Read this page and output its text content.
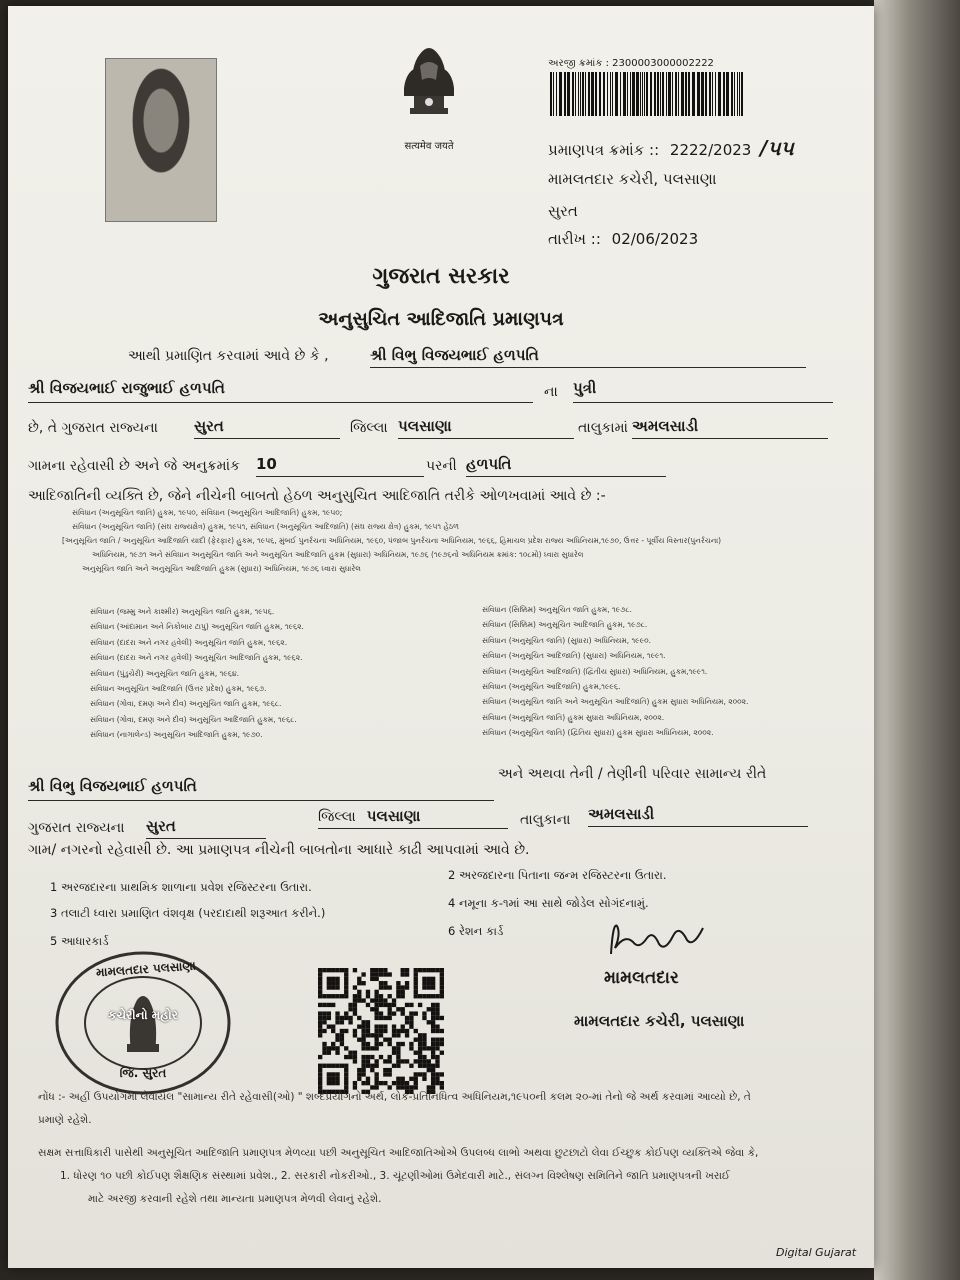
सत्यमेव जयते
અરજી ક્રમાંક : 2300003000002222
પ્રમાણપત્ર ક્રમાંક :: 2222/2023 /૫૫
મામલતદાર કચેરી, પલસાણા
સુરત
તારીખ :: 02/06/2023
ગુજરાત સરકાર
અનુસુચિત આદિજાતિ પ્રમાણપત્ર
આથી પ્રમાણિત કરવામાં આવે છે કે ,	શ્રી વિભુ વિજયભાઈ હળપતિ
શ્રી વિજયભાઈ રાજુભાઈ હળપતિ	ના પુત્રી
છે, તે ગુજરાત રાજ્યના સુરત	જિલ્લા પલસાણા	તાલુકામાં અમલસાડી
ગામના રહેવાસી છે અને જે અનુક્રમાંક 10	પરની હળપતિ
આદિજાતિની વ્યક્તિ છે, જેને નીચેની બાબતો હેઠળ અનુસુચિત આદિજાતિ તરીકે ઓળખવામાં આવે છે :-
સંવિધાન (અનુસૂચિત જાતિ) હુકમ, ૧૯૫૦, સંવિધાન (અનુસૂચિત આદિજાતિ) હુકમ, ૧૯૫૦;
સંવિધાન (અનુસૂચિત જાતિ) (સંઘ રાજ્યક્ષેત્ર) હુકમ, ૧૯૫૧, સંવિધાન (અનુસૂચિત આદિજાતિ) (સંઘ રાજ્ય ક્ષેત્ર) હુકમ, ૧૯૫૧ હેઠળ
[અનુસૂચિત જાતિ / અનુસૂચિત આદિજાતિ યાદી (ફેરફાર) હુકમ, ૧૯૫૬, મુંબઈ પુનર્રચના અધિનિયમ, ૧૯૬૦, પંજાબ પુનર્રચના અધિનિયમ, ૧૯૬૬, હિમાચલ પ્રદેશ રાજ્ય અધિનિયમ,૧૯૭૦, ઉત્તર - પૂર્વીય વિસ્તાર(પુનર્રચના)
અધિનિયમ, ૧૯૭૧ અને સંવિધાન અનુસૂચિત જાતિ અને અનુસૂચિત આદિજાતિ હુકમ (સુધારા) અધિનિયમ, ૧૯૭૬ (૧૯૭૬નો અધિનિયમ ક્રમાંક: ૧૦૮મો) ધ્વારા સુધારેલ
અનુસૂચિત જાતિ અને અનુસૂચિત આદિજાતિ હુકમ (સુધારા) અધિનિયમ, ૧૯૭૬ ધ્વારા સુધારેલ
સંવિધાન (જમ્મુ અને કાશ્મીર) અનુસૂચિત જાતિ હુકમ, ૧૯૫૬.
સંવિધાન (આંદામાન અને નિકોબાર ટાપુ) અનુસૂચિત જાતિ હુકમ, ૧૯૬૨.
સંવિધાન (દાદરા અને નગર હવેલી) અનુસૂચિત જાતિ હુકમ, ૧૯૬૨.
સંવિધાન (દાદરા અને નગર હવેલી) અનુસૂચિત આદિજાતિ હુકમ, ૧૯૬૨.
સંવિધાન (પુંડુચેરી) અનુસૂચિત જાતિ હુકમ, ૧૯૬૪.
સંવિધાન અનુસૂચિત આદિજાતિ (ઉત્તર પ્રદેશ) હુકમ, ૧૯૬૭.
સંવિધાન (ગોવા, દમણ અને દીવ) અનુસૂચિત જાતિ હુકમ, ૧૯૬૮.
સંવિધાન (ગોવા, દમણ અને દીવ) અનુસૂચિત આદિજાતિ હુકમ, ૧૯૬૮.
સંવિધાન (નાગાલેન્ડ) અનુસૂચિત આદિજાતિ હુકમ, ૧૯૭૦.
સંવિધાન (સિક્કિમ) અનુસૂચિત જાતિ હુકમ, ૧૯૭૮.
સંવિધાન (સિક્કિમ) અનુસૂચિત આદિજાતિ હુકમ, ૧૯૭૮.
સંવિધાન (અનુસૂચિત જાતિ) (સુધારા) અધિનિયમ, ૧૯૯૦.
સંવિધાન (અનુસૂચિત આદિજાતિ) (સુધારા) અધિનિયમ, ૧૯૯૧.
સંવિધાન (અનુસૂચિત આદિજાતિ) (દ્વિતીય સુધારા) અધિનિયમ, હુકમ,૧૯૯૧.
સંવિધાન (અનુસૂચિત આદિજાતિ) હુકમ,૧૯૯૬.
સંવિધાન (અનુસૂચિત જાતિ અને અનુસૂચિત આદિજાતિ) હુકમ સુધારા અધિનિયમ, ૨૦૦૨.
સંવિધાન (અનુસૂચિત જાતિ) હુકમ સુધારા અધિનિયમ, ૨૦૦૨.
સંવિધાન (અનુસૂચિત જાતિ) (દ્વિતિય સુધારા) હુકમ સુધારા અધિનિયમ, ૨૦૦૨.
શ્રી વિભુ વિજયભાઈ હળપતિ
અને અથવા તેની / તેણીની પરિવાર સામાન્ય રીતે
ગુજરાત રાજ્યના સુરત	જિલ્લા પલસાણા	તાલુકાના અમલસાડી
ગામ/ નગરનો રહેવાસી છે. આ પ્રમાણપત્ર નીચેની બાબતોના આધારે કાઢી આપવામાં આવે છે.
1 અરજદારના પ્રાથમિક શાળાના પ્રવેશ રજિસ્ટરના ઉતારા.
2 અરજદારના પિતાના જન્મ રજિસ્ટરના ઉતારા.
3 તલાટી ધ્વારા પ્રમાણિત વંશવૃક્ષ (પરદાદાથી શરૂઆત કરીને.)
4 નમૂના ક-૧માં આ સાથે જોડેલ સોગંદનામું.
5 આધારકાર્ડ
6 રેશન કાર્ડ
મામલતદાર
મામલતદાર કચેરી, પલસાણા
મામલતદાર પલસાણા
કચેરીનો મહોર
જિ. સુરત
નોંધ :- અહીં ઉપયોગમાં લેવાયેલ "સામાન્ય રીતે રહેવાસી(ઓ) " શબ્દપ્રયોગનો અર્થ, લોક-પ્રતિનિધિત્વ અધિનિયમ,૧૯૫૦ની કલમ ૨૦-માં તેનો જે અર્થ કરવામાં આવ્યો છે, તે
પ્રમાણે રહેશે.
સક્ષમ સત્તાધિકારી પાસેથી અનુસૂચિત આદિજાતિ પ્રમાણપત્ર મેળવ્યા પછી અનુસૂચિત આદિજાતિઓએ ઉપલબ્ધ લાભો અથવા છુટછાટો લેવા ઈચ્છુક કોઈપણ વ્યક્તિએ જેવા કે,
1. ધોરણ ૧૦ પછી કોઈપણ શૈક્ષણિક સંસ્થામાં પ્રવેશ., 2. સરકારી નોકરીઓ., 3. ચૂંટણીઓમાં ઉમેદવારી માટે., સંલગ્ન વિશ્લેષણ સમિતિને જાતિ પ્રમાણપત્રની ખરાઈ
માટે અરજી કરવાની રહેશે તથા માન્યતા પ્રમાણપત્ર મેળવી લેવાનું રહેશે.
Digital Gujarat
